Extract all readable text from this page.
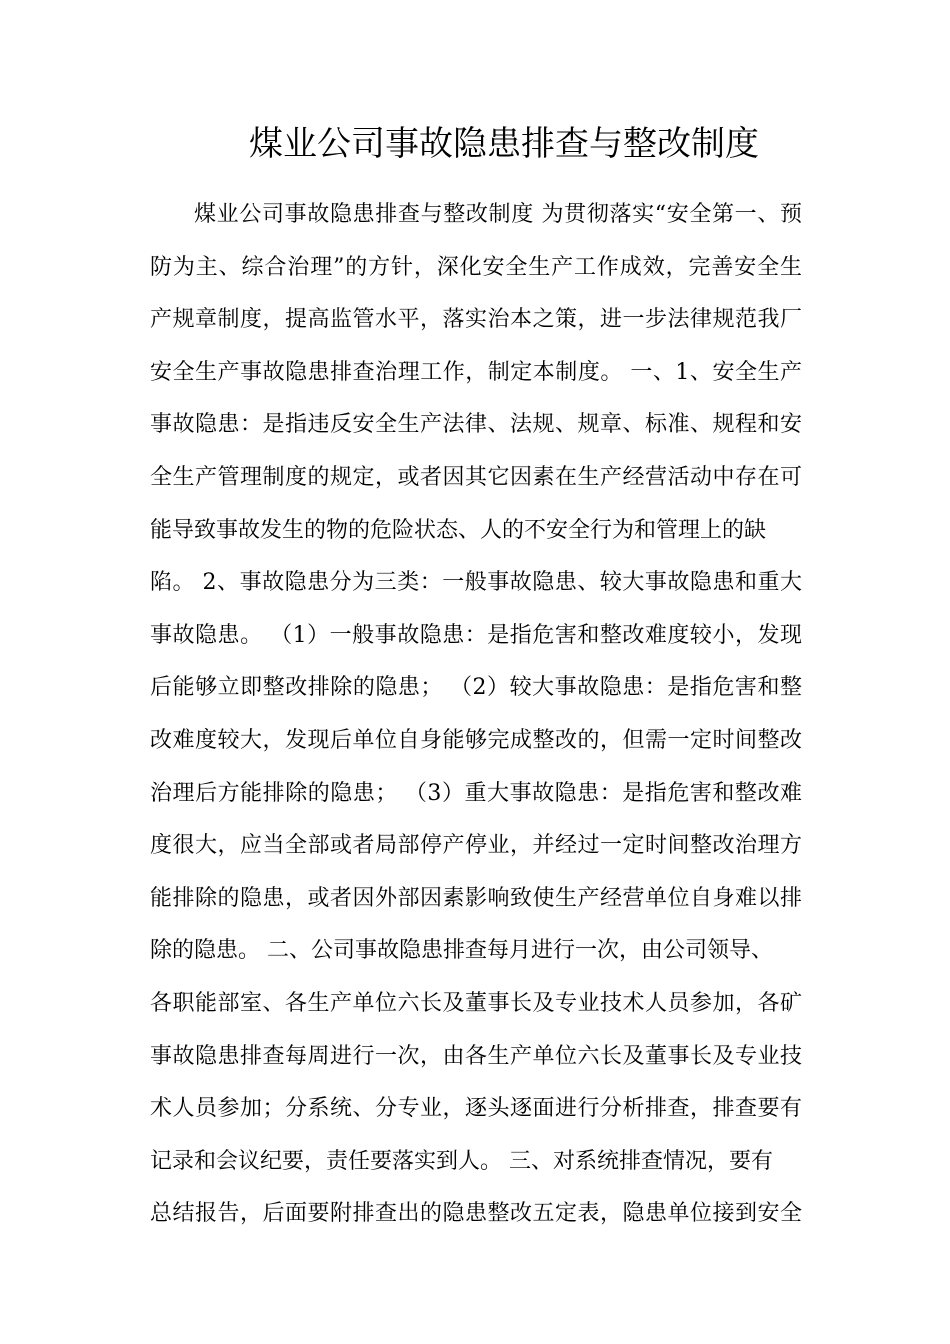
煤业公司事故隐患排查与整改制度
煤业公司事故隐患排查与整改制度 为贯彻落实“安全第一、预
防为主、综合治理”的方针，深化安全生产工作成效，完善安全生
产规章制度，提高监管水平，落实治本之策，进一步法律规范我厂
安全生产事故隐患排查治理工作，制定本制度。 一、1、安全生产
事故隐患：是指违反安全生产法律、法规、规章、标准、规程和安
全生产管理制度的规定，或者因其它因素在生产经营活动中存在可
能导致事故发生的物的危险状态、人的不安全行为和管理上的缺
陷。 2、事故隐患分为三类：一般事故隐患、较大事故隐患和重大
事故隐患。 （1）一般事故隐患：是指危害和整改难度较小，发现
后能够立即整改排除的隐患； （2）较大事故隐患：是指危害和整
改难度较大，发现后单位自身能够完成整改的，但需一定时间整改
治理后方能排除的隐患； （3）重大事故隐患：是指危害和整改难
度很大，应当全部或者局部停产停业，并经过一定时间整改治理方
能排除的隐患，或者因外部因素影响致使生产经营单位自身难以排
除的隐患。 二、公司事故隐患排查每月进行一次，由公司领导、
各职能部室、各生产单位六长及董事长及专业技术人员参加，各矿
事故隐患排查每周进行一次，由各生产单位六长及董事长及专业技
术人员参加；分系统、分专业，逐头逐面进行分析排查，排查要有
记录和会议纪要，责任要落实到人。 三、对系统排查情况，要有
总结报告，后面要附排查出的隐患整改五定表，隐患单位接到安全
